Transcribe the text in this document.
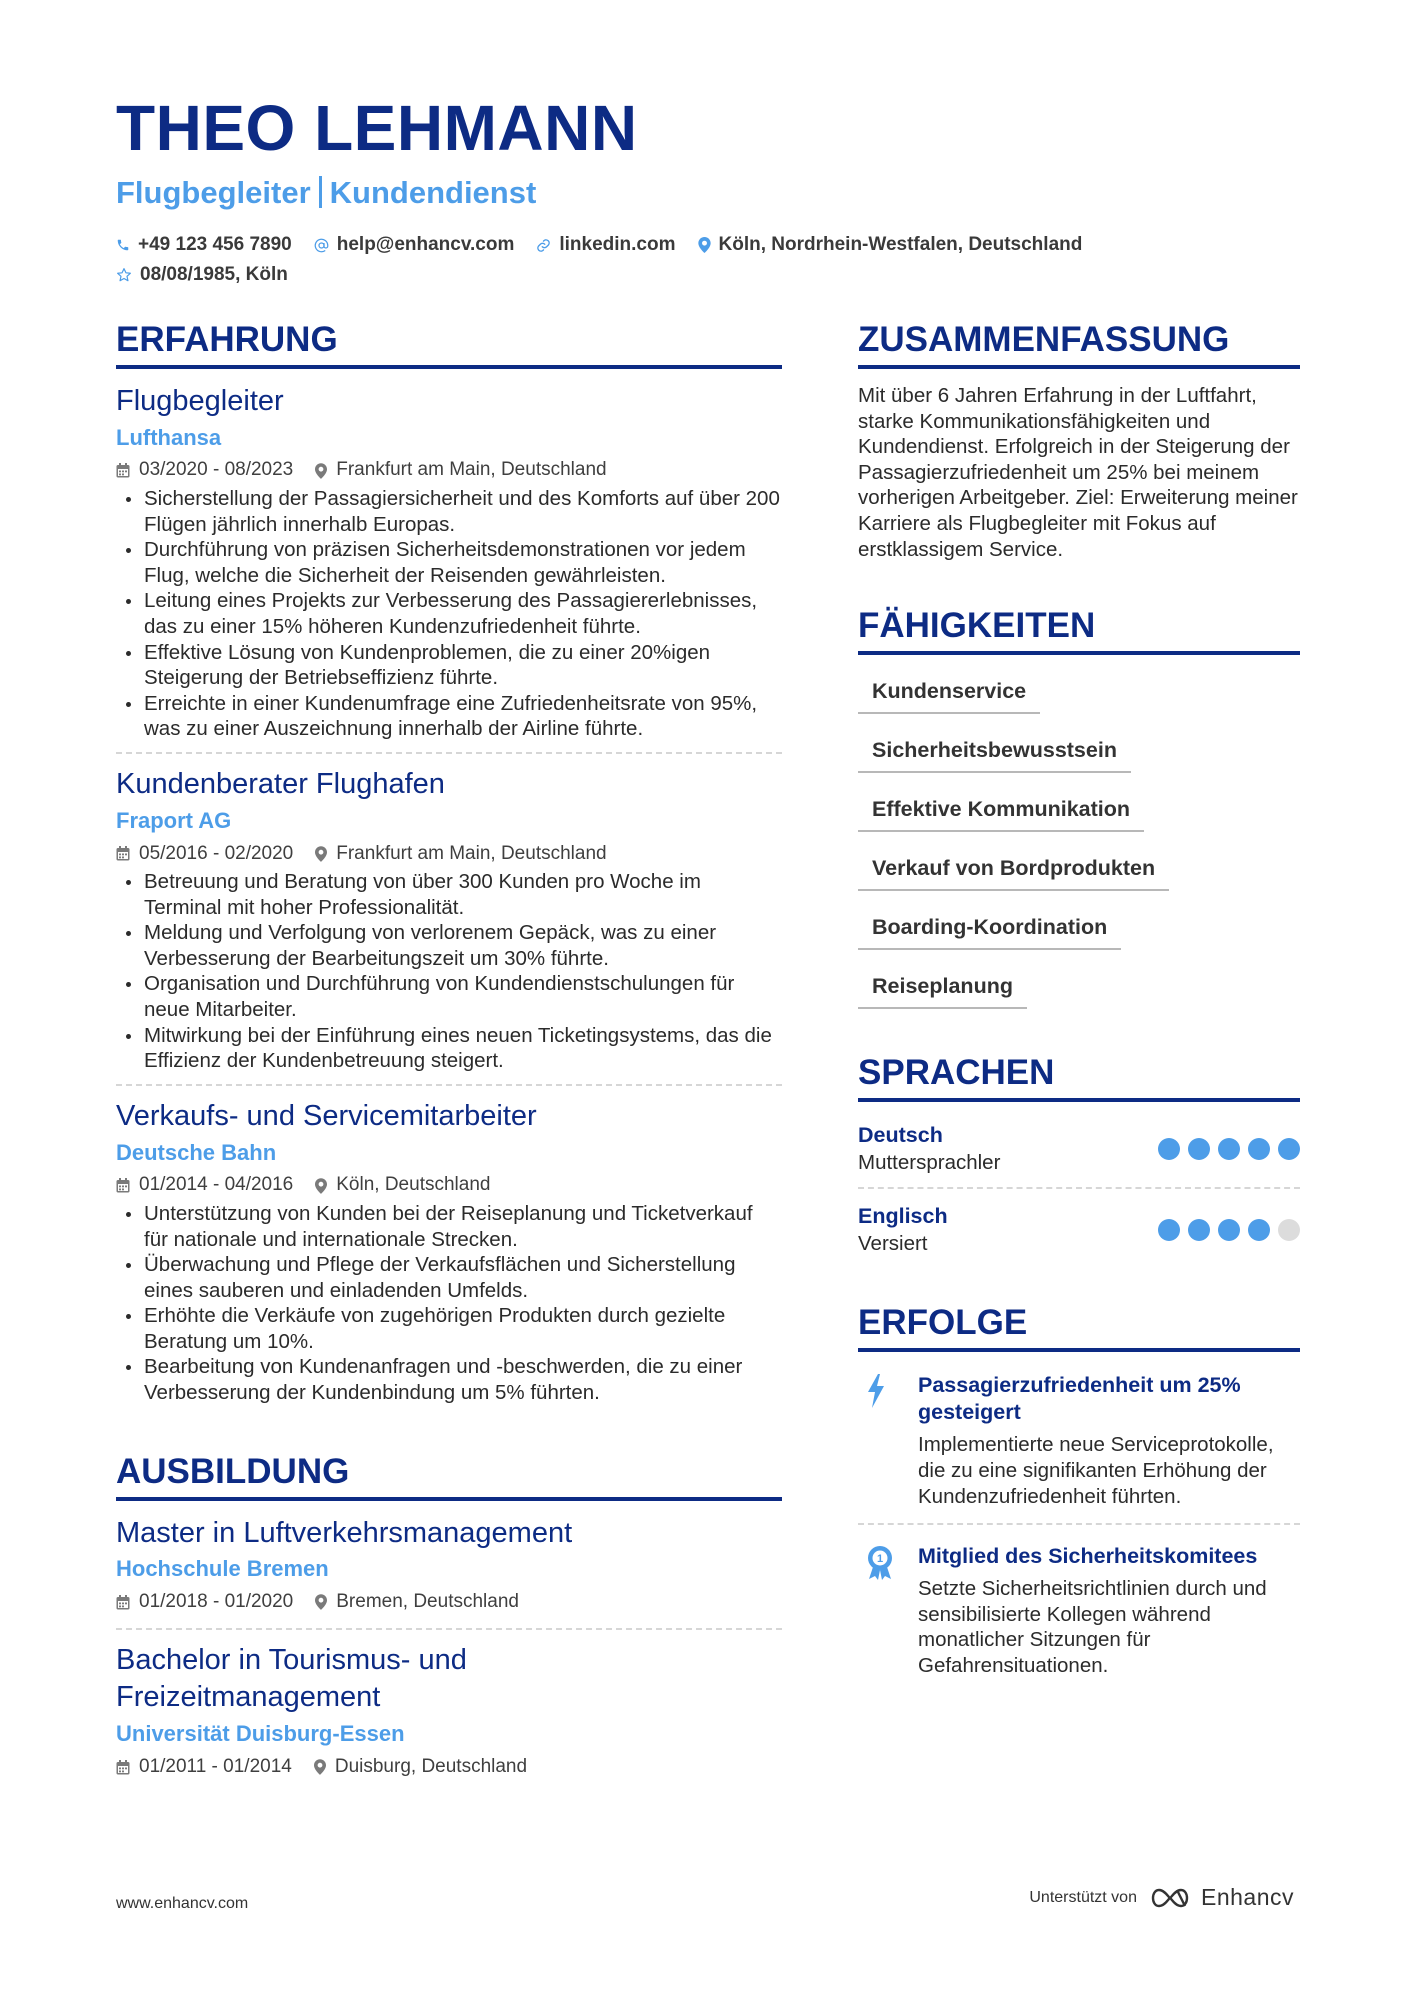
THEO LEHMANN
Flugbegleiter Kundendienst
+49 123 456 7890 help@enhancv.com linkedin.com Köln, Nordrhein-Westfalen, Deutschland
08/08/1985, Köln
ERFAHRUNG
Flugbegleiter
Lufthansa
03/2020 - 08/2023 Frankfurt am Main, Deutschland
Sicherstellung der Passagiersicherheit und des Komforts auf über 200 Flügen jährlich innerhalb Europas.
Durchführung von präzisen Sicherheitsdemonstrationen vor jedem Flug, welche die Sicherheit der Reisenden gewährleisten.
Leitung eines Projekts zur Verbesserung des Passagiererlebnisses, das zu einer 15% höheren Kundenzufriedenheit führte.
Effektive Lösung von Kundenproblemen, die zu einer 20%igen Steigerung der Betriebseffizienz führte.
Erreichte in einer Kundenumfrage eine Zufriedenheitsrate von 95%, was zu einer Auszeichnung innerhalb der Airline führte.
Kundenberater Flughafen
Fraport AG
05/2016 - 02/2020 Frankfurt am Main, Deutschland
Betreuung und Beratung von über 300 Kunden pro Woche im Terminal mit hoher Professionalität.
Meldung und Verfolgung von verlorenem Gepäck, was zu einer Verbesserung der Bearbeitungszeit um 30% führte.
Organisation und Durchführung von Kundendienstschulungen für neue Mitarbeiter.
Mitwirkung bei der Einführung eines neuen Ticketingsystems, das die Effizienz der Kundenbetreuung steigert.
Verkaufs- und Servicemitarbeiter
Deutsche Bahn
01/2014 - 04/2016 Köln, Deutschland
Unterstützung von Kunden bei der Reiseplanung und Ticketverkauf für nationale und internationale Strecken.
Überwachung und Pflege der Verkaufsflächen und Sicherstellung eines sauberen und einladenden Umfelds.
Erhöhte die Verkäufe von zugehörigen Produkten durch gezielte Beratung um 10%.
Bearbeitung von Kundenanfragen und -beschwerden, die zu einer Verbesserung der Kundenbindung um 5% führten.
AUSBILDUNG
Master in Luftverkehrsmanagement
Hochschule Bremen
01/2018 - 01/2020 Bremen, Deutschland
Bachelor in Tourismus- und Freizeitmanagement
Universität Duisburg-Essen
01/2011 - 01/2014 Duisburg, Deutschland
ZUSAMMENFASSUNG
Mit über 6 Jahren Erfahrung in der Luftfahrt, starke Kommunikationsfähigkeiten und Kundendienst. Erfolgreich in der Steigerung der Passagierzufriedenheit um 25% bei meinem vorherigen Arbeitgeber. Ziel: Erweiterung meiner Karriere als Flugbegleiter mit Fokus auf erstklassigem Service.
FÄHIGKEITEN
Kundenservice
Sicherheitsbewusstsein
Effektive Kommunikation
Verkauf von Bordprodukten
Boarding-Koordination
Reiseplanung
SPRACHEN
Deutsch
Muttersprachler
Englisch
Versiert
ERFOLGE
Passagierzufriedenheit um 25% gesteigert
Implementierte neue Serviceprotokolle, die zu eine signifikanten Erhöhung der Kundenzufriedenheit führten.
1 Mitglied des Sicherheitskomitees
Setzte Sicherheitsrichtlinien durch und sensibilisierte Kollegen während monatlicher Sitzungen für Gefahrensituationen.
www.enhancv.com	Unterstützt von	Enhancv
